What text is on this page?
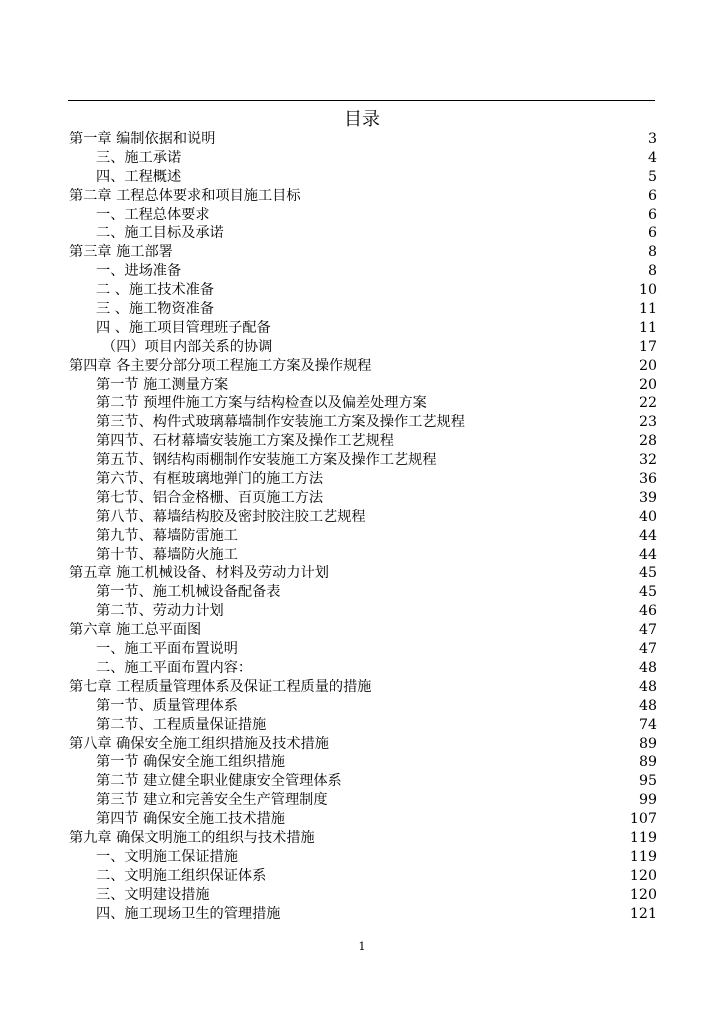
目录
第一章 编制依据和说明	3
三、施工承诺	4
四、工程概述	5
第二章 工程总体要求和项目施工目标	6
一、工程总体要求	6
二、施工目标及承诺	6
第三章 施工部署	8
一、进场准备	8
二 、施工技术准备	10
三 、施工物资准备	11
四 、施工项目管理班子配备	11
（四）项目内部关系的协调	17
第四章 各主要分部分项工程施工方案及操作规程	20
第一节 施工测量方案	20
第二节 预埋件施工方案与结构检查以及偏差处理方案	22
第三节、构件式玻璃幕墙制作安装施工方案及操作工艺规程	23
第四节、石材幕墙安装施工方案及操作工艺规程	28
第五节、钢结构雨棚制作安装施工方案及操作工艺规程	32
第六节、有框玻璃地弹门的施工方法	36
第七节、铝合金格栅、百页施工方法	39
第八节、幕墙结构胶及密封胶注胶工艺规程	40
第九节、幕墙防雷施工	44
第十节、幕墙防火施工	44
第五章 施工机械设备、材料及劳动力计划	45
第一节、施工机械设备配备表	45
第二节、劳动力计划	46
第六章 施工总平面图	47
一、施工平面布置说明	47
二、施工平面布置内容：	48
第七章 工程质量管理体系及保证工程质量的措施	48
第一节、质量管理体系	48
第二节、工程质量保证措施	74
第八章 确保安全施工组织措施及技术措施	89
第一节 确保安全施工组织措施	89
第二节 建立健全职业健康安全管理体系	95
第三节 建立和完善安全生产管理制度	99
第四节 确保安全施工技术措施	107
第九章 确保文明施工的组织与技术措施	119
一、文明施工保证措施	119
二、文明施工组织保证体系	120
三、文明建设措施	120
四、施工现场卫生的管理措施	121
1
